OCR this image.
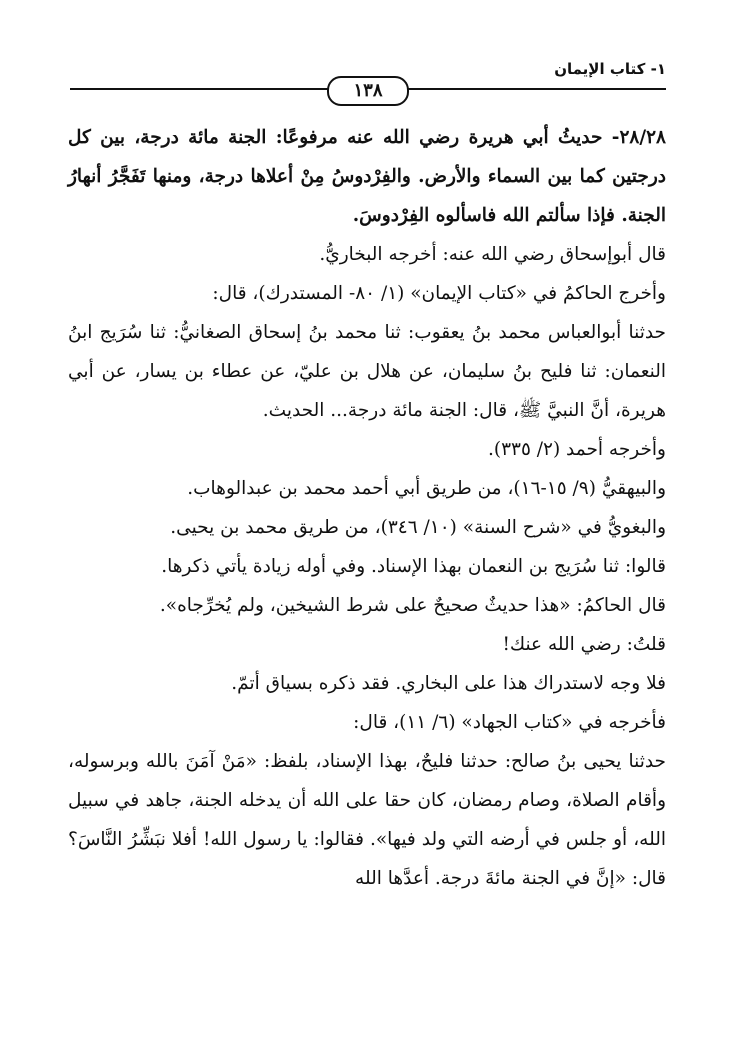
١- كتاب الإيمان
١٣٨

٢٨/٢٨- حديثُ أبي هريرة رضي الله عنه مرفوعًا: الجنة مائة درجة، بين كل درجتين كما بين السماء والأرض. والفِرْدوسُ مِنْ أعلاها درجة، ومنها تَفَجَّرُ أنهارُ الجنة. فإذا سألتم الله فاسألوه الفِرْدوسَ.

قال أبوإسحاق رضي الله عنه: أخرجه البخاريُّ.

وأخرج الحاكمُ في «كتاب الإيمان» (١/ ٨٠- المستدرك)، قال:

حدثنا أبوالعباس محمد بنُ يعقوب: ثنا محمد بنُ إسحاق الصغانيُّ: ثنا سُرَيج ابنُ النعمان: ثنا فليح بنُ سليمان، عن هلال بن عليّ، عن عطاء بن يسار، عن أبي هريرة، أنَّ النبيَّ ﷺ، قال: الجنة مائة درجة... الحديث.

وأخرجه أحمد (٢/ ٣٣٥).

والبيهقيُّ (٩/ ١٥-١٦)، من طريق أبي أحمد محمد بن عبدالوهاب.

والبغويُّ في «شرح السنة» (١٠/ ٣٤٦)، من طريق محمد بن يحيى.

قالوا: ثنا سُرَيج بن النعمان بهذا الإسناد. وفي أوله زيادة يأتي ذكرها.

قال الحاكمُ: «هذا حديثٌ صحيحٌ على شرط الشيخين، ولم يُخرِّجاه».

قلتُ: رضي الله عنك!

فلا وجه لاستدراك هذا على البخاري. فقد ذكره بسياق أتمّ.

فأخرجه في «كتاب الجهاد» (٦/ ١١)، قال:

حدثنا يحيى بنُ صالح: حدثنا فليحٌ، بهذا الإسناد، بلفظ: «مَنْ آمَنَ بالله وبرسوله، وأقام الصلاة، وصام رمضان، كان حقا على الله أن يدخله الجنة، جاهد في سبيل الله، أو جلس في أرضه التي ولد فيها». فقالوا: يا رسول الله! أفلا نبَشِّرُ النَّاسَ؟ قال: «إنَّ في الجنة مائةَ درجة. أعدَّها الله
